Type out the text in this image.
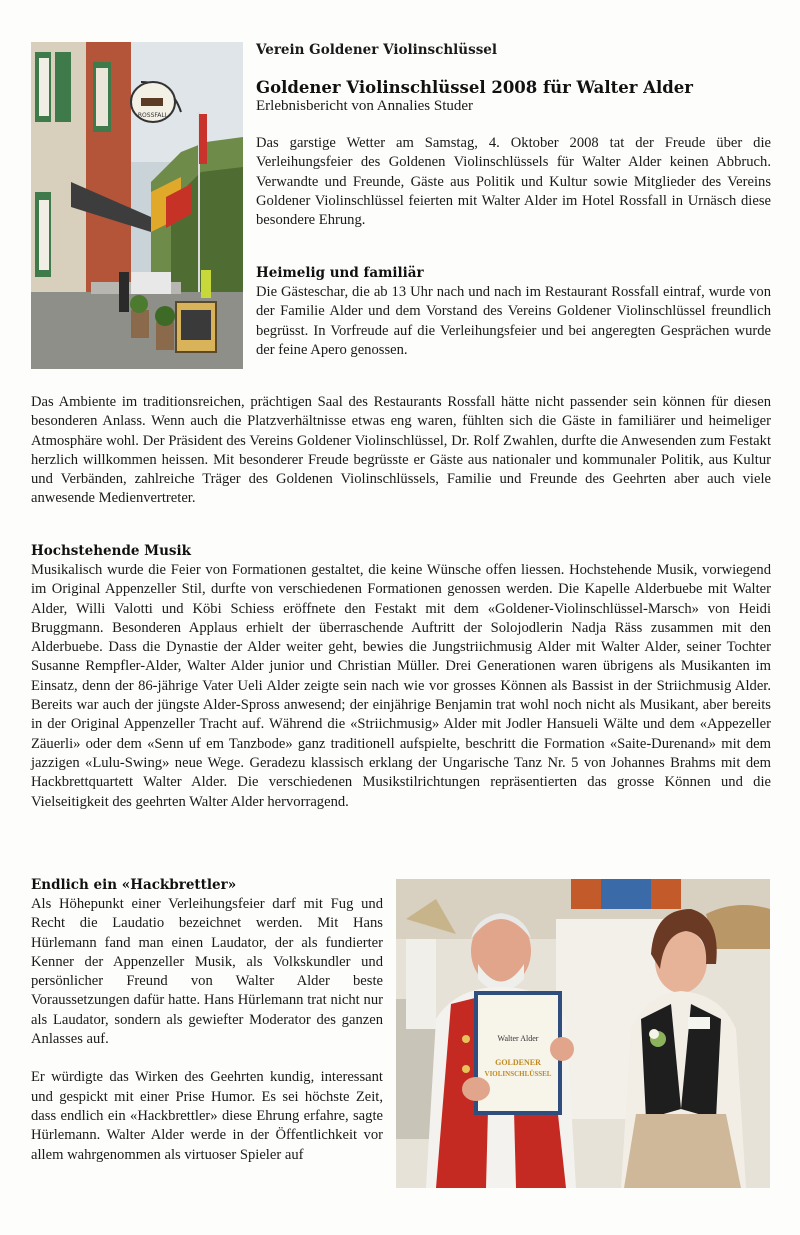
ROSSFALL
Verein Goldener Violinschlüssel
Goldener Violinschlüssel 2008 für Walter Alder
Erlebnisbericht von Annalies Studer

Das garstige Wetter am Samstag, 4. Oktober 2008 tat der Freude über die Verleihungsfeier des Goldenen Violinschlüssels für Walter Alder keinen Abbruch. Verwandte und Freunde, Gäste aus Politik und Kultur sowie Mitglieder des Vereins Goldener Violinschlüssel feierten mit Walter Alder im Hotel Rossfall in Urnäsch diese besondere Ehrung.

Heimelig und familiär

Die Gästeschar, die ab 13 Uhr nach und nach im Restaurant Rossfall eintraf, wurde von der Familie Alder und dem Vorstand des Vereins Goldener Violinschlüssel freundlich begrüsst. In Vorfreude auf die Verleihungsfeier und bei angeregten Gesprächen wurde der feine Apero genossen.

Das Ambiente im traditionsreichen, prächtigen Saal des Restaurants Rossfall hätte nicht passender sein können für diesen besonderen Anlass. Wenn auch die Platzverhältnisse etwas eng waren, fühlten sich die Gäste in familiärer und heimeliger Atmosphäre wohl. Der Präsident des Vereins Goldener Violinschlüssel, Dr. Rolf Zwahlen, durfte die Anwesenden zum Festakt herzlich willkommen heissen. Mit besonderer Freude begrüsste er Gäste aus nationaler und kommunaler Politik, aus Kultur und Verbänden, zahlreiche Träger des Goldenen Violinschlüssels, Familie und Freunde des Geehrten aber auch viele anwesende Medienvertreter.

Hochstehende Musik

Musikalisch wurde die Feier von Formationen gestaltet, die keine Wünsche offen liessen. Hochstehende Musik, vorwiegend im Original Appenzeller Stil, durfte von verschiedenen Formationen genossen werden. Die Kapelle Alderbuebe mit Walter Alder, Willi Valotti und Köbi Schiess eröffnete den Festakt mit dem «Goldener-Violinschlüssel-Marsch» von Heidi Bruggmann. Besonderen Applaus erhielt der überraschende Auftritt der Solojodlerin Nadja Räss zusammen mit den Alderbuebe. Dass die Dynastie der Alder weiter geht, bewies die Jungstriichmusig Alder mit Walter Alder, seiner Tochter Susanne Rempfler-Alder, Walter Alder junior und Christian Müller. Drei Generationen waren übrigens als Musikanten im Einsatz, denn der 86-jährige Vater Ueli Alder zeigte sein nach wie vor grosses Können als Bassist in der Striichmusig Alder. Bereits war auch der jüngste Alder-Spross anwesend; der einjährige Benjamin trat wohl noch nicht als Musikant, aber bereits in der Original Appenzeller Tracht auf. Während die «Striichmusig» Alder mit Jodler Hansueli Wälte und dem «Appezeller Zäuerli» oder dem «Senn uf em Tanzbode» ganz traditionell aufspielte, beschritt die Formation «Saite-Durenand» mit dem jazzigen «Lulu-Swing» neue Wege. Geradezu klassisch erklang der Ungarische Tanz Nr. 5 von Johannes Brahms mit dem Hackbrettquartett Walter Alder. Die verschiedenen Musikstilrichtungen repräsentierten das grosse Können und die Vielseitigkeit des geehrten Walter Alder hervorragend.

Endlich ein «Hackbrettler»

Als Höhepunkt einer Verleihungsfeier darf mit Fug und Recht die Laudatio bezeichnet werden. Mit Hans Hürlemann fand man einen Laudator, der als fundierter Kenner der Appenzeller Musik, als Volkskundler und persönlicher Freund von Walter Alder beste Voraussetzungen dafür hatte. Hans Hürlemann trat nicht nur als Laudator, sondern als gewiefter Moderator des ganzen Anlasses auf.

Er würdigte das Wirken des Geehrten kundig, interessant und gespickt mit einer Prise Humor. Es sei höchste Zeit, dass endlich ein «Hackbrettler» diese Ehrung erfahre, sagte Hürlemann. Walter Alder werde in der Öffentlichkeit vor allem wahrgenommen als virtuoser Spieler auf

Walter Alder
GOLDENER
VIOLINSCHLÜSSEL
